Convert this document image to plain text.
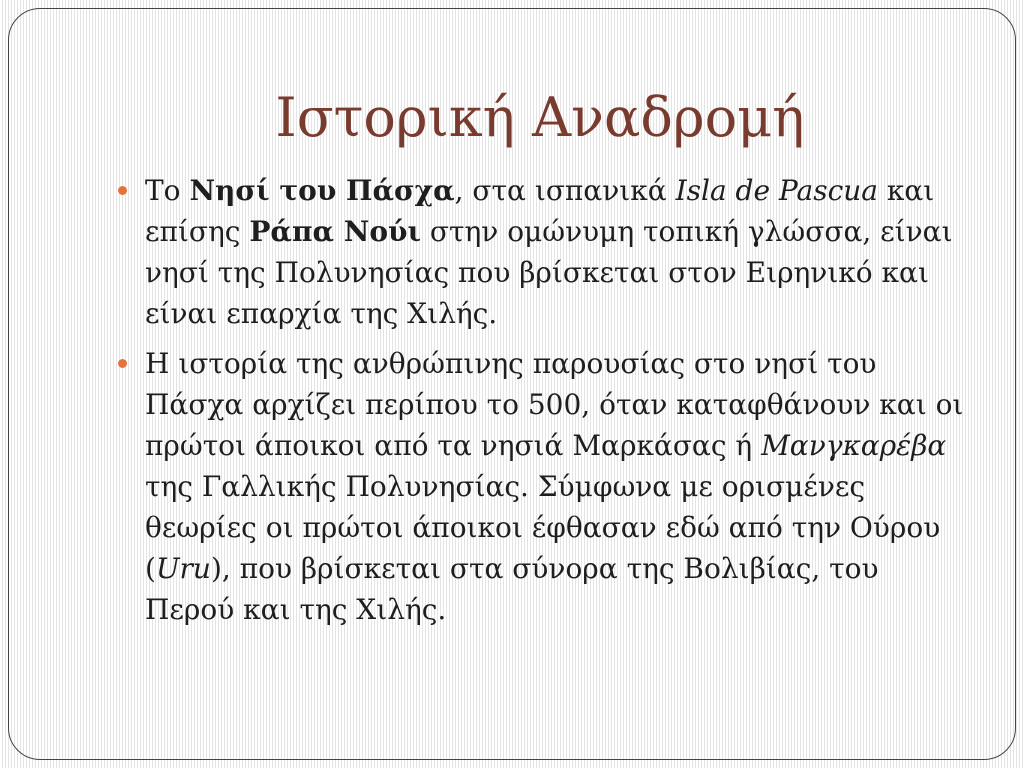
Ιστορική Αναδρομή
Το Νησί του Πάσχα, στα ισπανικά Isla de Pascua και επίσης Ράπα Νούι στην ομώνυμη τοπική γλώσσα, είναι νησί της Πολυνησίας που βρίσκεται στον Ειρηνικό και είναι επαρχία της Χιλής.
Η ιστορία της ανθρώπινης παρουσίας στο νησί του Πάσχα αρχίζει περίπου το 500, όταν καταφθάνουν και οι πρώτοι άποικοι από τα νησιά Μαρκάσας ή Μανγκαρέβα της Γαλλικής Πολυνησίας. Σύμφωνα με ορισμένες θεωρίες οι πρώτοι άποικοι έφθασαν εδώ από την Ούρου (Uru), που βρίσκεται στα σύνορα της Βολιβίας, του Περού και της Χιλής.
